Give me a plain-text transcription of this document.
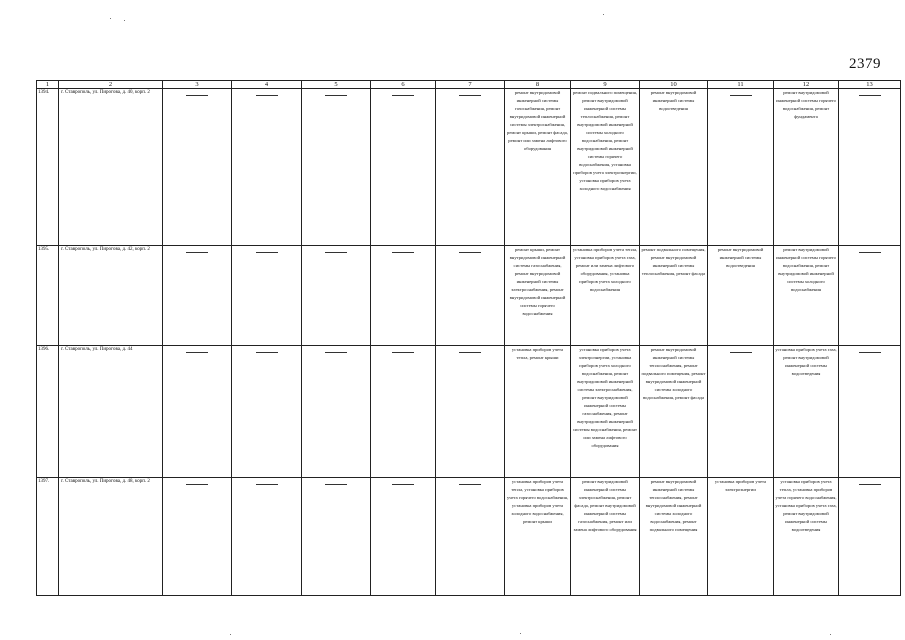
2379
1	2	3	4	5	6	7	8	9	10	11	12	13
1394.	г. Ставрополь, ул. Пирогова, д. 40, корп. 2						ремонт внутридомовой инженерной системы газоснабжения, ремонт внутридомовой инженерной системы электроснабжения, ремонт крыши, ремонт фасада, ремонт или замена лифтового оборудования	ремонт подвального помещения, ремонт внутридомовой инженерной системы теплоснабжения, ремонт внутридомовой инженерной системы холодного водоснабжения, ремонт внутридомовой инженерной системы горячего водоснабжения, установка приборов учета электроэнергии, установка приборов учета холодного водоснабжения	ремонт внутридомовой инженерной системы водоотведения		ремонт внутридомовой инженерной системы горячего водоснабжения, ремонт фундамента	

1395.	г. Ставрополь, ул. Пирогова, д. 42, корп. 2						ремонт крыши, ремонт внутридомовой инженерной системы газоснабжения, ремонт внутридомовой инженерной системы электроснабжения, ремонт внутридомовой инженерной системы горячего водоснабжения	установка приборов учета тепла, установка приборов учета газа, ремонт или замена лифтового оборудования, установка приборов учета холодного водоснабжения	ремонт подвального помещения, ремонт внутридомовой инженерной системы теплоснабжения, ремонт фасада	ремонт внутридомовой инженерной системы водоотведения	ремонт внутридомовой инженерной системы горячего водоснабжения, ремонт внутридомовой инженерной системы холодного водоснабжения	

1396.	г. Ставрополь, ул. Пирогова, д. 44						установка приборов учета тепла, ремонт крыши	установка приборов учета электроэнергии, установка приборов учета холодного водоснабжения, ремонт внутридомовой инженерной системы электроснабжения, ремонт внутридомовой инженерной системы газоснабжения, ремонт внутридомовой инженерной системы водоснабжения, ремонт или замена лифтового оборудования	ремонт внутридомовой инженерной системы теплоснабжения, ремонт подвального помещения, ремонт внутридомовой инженерной системы холодного водоснабжения, ремонт фасада		установка приборов учета газа, ремонт внутридомовой инженерной системы водоотведения	

1397.	г. Ставрополь, ул. Пирогова, д. 48, корп. 2						установка приборов учета тепла, установка приборов учета горячего водоснабжения, установка приборов учета холодного водоснабжения, ремонт крыши	ремонт внутридомовой инженерной системы электроснабжения, ремонт фасада, ремонт внутридомовой инженерной системы газоснабжения, ремонт или замена лифтового оборудования	ремонт внутридомовой инженерной системы теплоснабжения, ремонт внутридомовой инженерной системы холодного водоснабжения, ремонт подвального помещения	установка приборов учета электроэнергии	установка приборов учета тепла, установка приборов учета горячего водоснабжения, установка приборов учета газа, ремонт внутридомовой инженерной системы водоотведения	
